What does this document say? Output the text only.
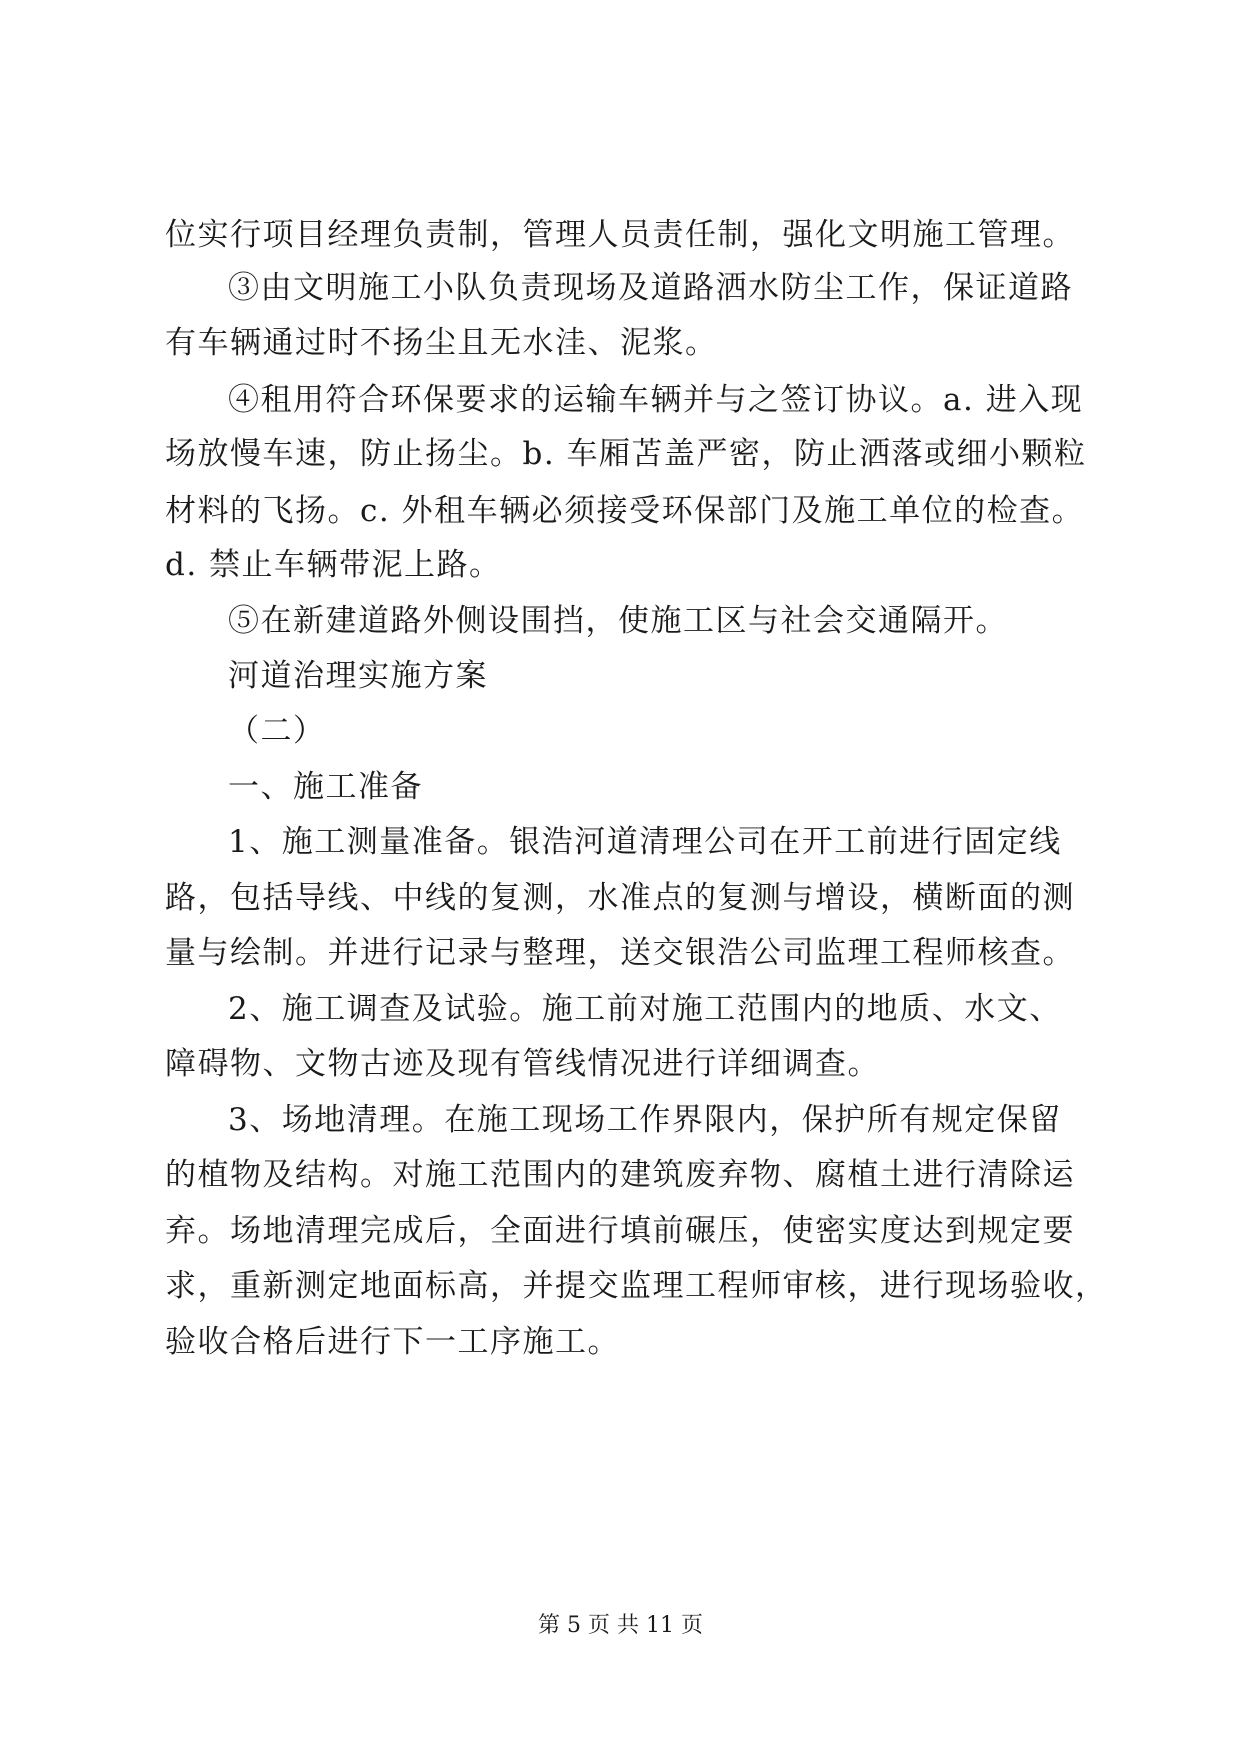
位实行项目经理负责制，管理人员责任制，强化文明施工管理。
③由文明施工小队负责现场及道路洒水防尘工作，保证道路
有车辆通过时不扬尘且无水洼、泥浆。
④租用符合环保要求的运输车辆并与之签订协议。a. 进入现
场放慢车速，防止扬尘。b. 车厢苫盖严密，防止洒落或细小颗粒
材料的飞扬。c. 外租车辆必须接受环保部门及施工单位的检查。
d. 禁止车辆带泥上路。
⑤在新建道路外侧设围挡，使施工区与社会交通隔开。
河道治理实施方案
（二）
一、施工准备
1、施工测量准备。银浩河道清理公司在开工前进行固定线
路，包括导线、中线的复测，水准点的复测与增设，横断面的测
量与绘制。并进行记录与整理，送交银浩公司监理工程师核查。
2、施工调查及试验。施工前对施工范围内的地质、水文、
障碍物、文物古迹及现有管线情况进行详细调查。
3、场地清理。在施工现场工作界限内，保护所有规定保留
的植物及结构。对施工范围内的建筑废弃物、腐植土进行清除运
弃。场地清理完成后，全面进行填前碾压，使密实度达到规定要
求，重新测定地面标高，并提交监理工程师审核，进行现场验收，
验收合格后进行下一工序施工。
第 5 页 共 11 页
